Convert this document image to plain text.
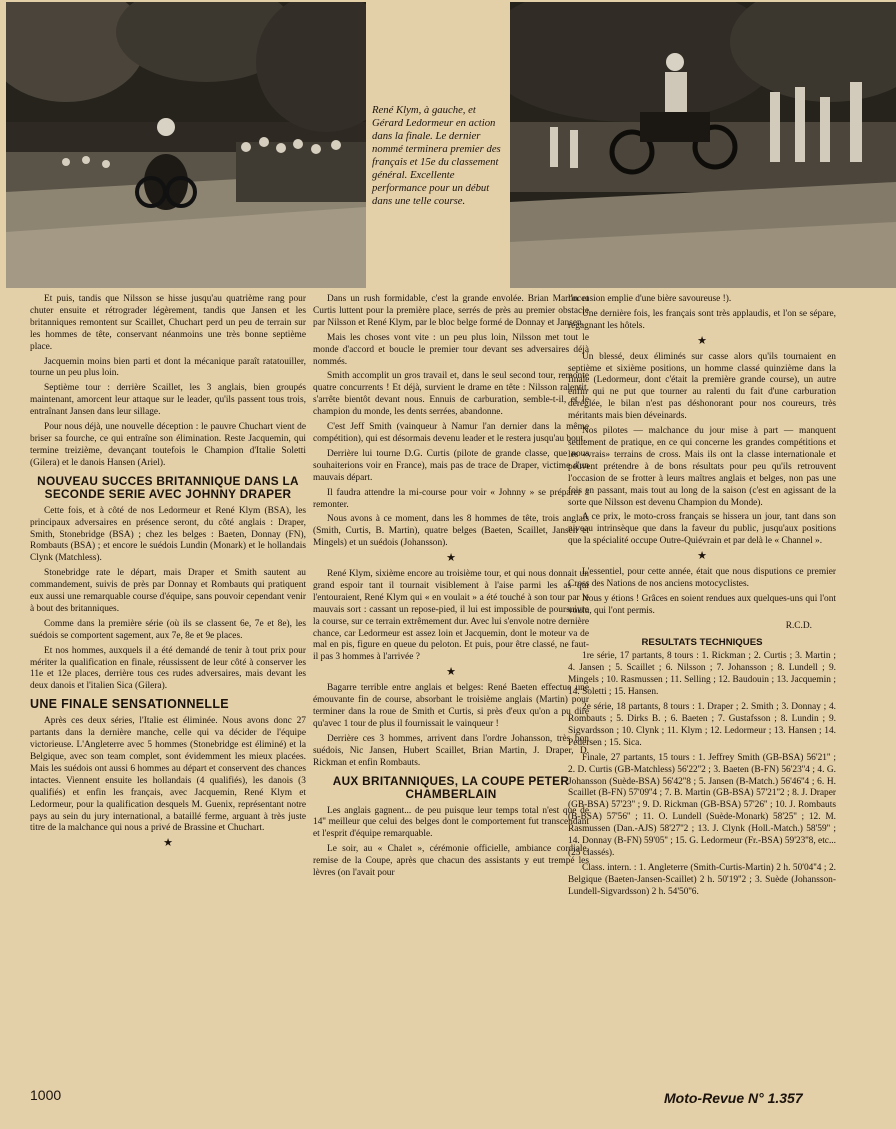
René Klym, à gauche, et Gérard Ledormeur en action dans la finale. Le dernier nommé terminera premier des français et 15e du classement général. Excellente performance pour un début dans une telle course.

Et puis, tandis que Nilsson se hisse jusqu'au quatrième rang pour chuter ensuite et rétrograder légèrement, tandis que Jansen et les britanniques remontent sur Scaillet, Chuchart perd un peu de terrain sur les hommes de tête, conservant néanmoins une très bonne septième place.

Jacquemin moins bien parti et dont la mécanique paraît ratatouiller, tourne un peu plus loin.

Septième tour : derrière Scaillet, les 3 anglais, bien groupés maintenant, amorcent leur attaque sur le leader, qu'ils passent tous trois, entraînant Jansen dans leur sillage.

Pour nous déjà, une nouvelle déception : le pauvre Chuchart vient de briser sa fourche, ce qui entraîne son élimination. Reste Jacquemin, qui termine treizième, devançant toutefois le Champion d'Italie Soletti (Gilera) et le danois Hansen (Ariel).

NOUVEAU SUCCES BRITANNIQUE DANS LA SECONDE SERIE AVEC JOHNNY DRAPER

Cette fois, et à côté de nos Ledormeur et René Klym (BSA), les principaux adversaires en présence seront, du côté anglais : Draper, Smith, Stonebridge (BSA) ; chez les belges : Baeten, Donnay (FN), Rombauts (BSA) ; et encore le suédois Lundin (Monark) et le hollandais Clynk (Matchless).

Stonebridge rate le départ, mais Draper et Smith sautent au commandement, suivis de près par Donnay et Rombauts qui pratiquent eux aussi une remarquable course d'équipe, sans pouvoir cependant venir à bout des britanniques.

Comme dans la première série (où ils se classent 6e, 7e et 8e), les suédois se comportent sagement, aux 7e, 8e et 9e places.

Et nos hommes, auxquels il a été demandé de tenir à tout prix pour mériter la qualification en finale, réussissent de leur côté à conserver les 11e et 12e places, derrière tous ces rudes adversaires, mais devant les deux danois et l'italien Sica (Gilera).

UNE FINALE SENSATIONNELLE

Après ces deux séries, l'Italie est éliminée. Nous avons donc 27 partants dans la dernière manche, celle qui va décider de l'équipe victorieuse. L'Angleterre avec 5 hommes (Stonebridge est éliminé) et la Belgique, avec son team complet, sont évidemment les mieux placées. Mais les suédois ont aussi 6 hommes au départ et conservent des chances intactes. Viennent ensuite les hollandais (4 qualifiés), les danois (3 qualifiés) et enfin les français, avec Jacquemin, René Klym et Ledormeur, pour la qualification desquels M. Guenix, représentant notre pays au sein du jury international, a bataillé ferme, arguant à très juste titre de la malchance qui nous a privé de Brassine et Chuchart.

★

Dans un rush formidable, c'est la grande envolée. Brian Martin et Curtis luttent pour la première place, serrés de près au premier obstacle par Nilsson et René Klym, par le bloc belge formé de Donnay et Jansen.

Mais les choses vont vite : un peu plus loin, Nilsson met tout le monde d'accord et boucle le premier tour devant ses adversaires déjà nommés.

Smith accomplit un gros travail et, dans le seul second tour, remonte quatre concurrents ! Et déjà, survient le drame en tête : Nilsson ralentit, s'arrête bientôt devant nous. Ennuis de carburation, semble-t-il, et le champion du monde, les dents serrées, abandonne.

C'est Jeff Smith (vainqueur à Namur l'an dernier dans la même compétition), qui est désormais devenu leader et le restera jusqu'au bout.

Derrière lui tourne D.G. Curtis (pilote de grande classe, que nous souhaiterions voir en France), mais pas de trace de Draper, victime d'un mauvais départ.

Il faudra attendre la mi-course pour voir « Johnny » se préparer à remonter.

Nous avons à ce moment, dans les 8 hommes de tête, trois anglais (Smith, Curtis, B. Martin), quatre belges (Baeten, Scaillet, Jansen et Mingels) et un suédois (Johansson).

★

René Klym, sixième encore au troisième tour, et qui nous donnait un grand espoir tant il tournait visiblement à l'aise parmi les as qui l'entouraient, René Klym qui « en voulait » a été touché à son tour par le mauvais sort : cassant un repose-pied, il lui est impossible de poursuivre la course, sur ce terrain extrêmement dur. Avec lui s'envole notre dernière chance, car Ledormeur est assez loin et Jacquemin, dont le moteur va de mal en pis, figure en queue du peloton. Et puis, pour être classé, ne faut-il pas 3 hommes à l'arrivée ?

★

Bagarre terrible entre anglais et belges: René Baeten effectue une émouvante fin de course, absorbant le troisième anglais (Martin) pour terminer dans la roue de Smith et Curtis, si près d'eux qu'on a pu dire qu'avec 1 tour de plus il fournissait le vainqueur !

Derrière ces 3 hommes, arrivent dans l'ordre Johansson, très bon suédois, Nic Jansen, Hubert Scaillet, Brian Martin, J. Draper, D. Rickman et enfin Rombauts.

AUX BRITANNIQUES, LA COUPE PETER CHAMBERLAIN

Les anglais gagnent... de peu puisque leur temps total n'est que de 14'' meilleur que celui des belges dont le comportement fut transcendant et l'esprit d'équipe remarquable.

Le soir, au « Chalet », cérémonie officielle, ambiance cordiale, remise de la Coupe, après que chacun des assistants y eut trempé les lèvres (on l'avait pour

l'occasion emplie d'une bière savoureuse !).

Une dernière fois, les français sont très applaudis, et l'on se sépare, regagnant les hôtels.

★

Un blessé, deux éliminés sur casse alors qu'ils tournaient en septième et sixième positions, un homme classé quinzième dans la finale (Ledormeur, dont c'était la première grande course), un autre enfin qui ne put que tourner au ralenti du fait d'une carburation déréglée, le bilan n'est pas déshonorant pour nos coureurs, très méritants mais bien déveinards.

Nos pilotes — malchance du jour mise à part — manquent seulement de pratique, en ce qui concerne les grandes compétitions et les «vrais» terrains de cross. Mais ils ont la classe internationale et peuvent prétendre à de bons résultats pour peu qu'ils retrouvent l'occasion de se frotter à leurs maîtres anglais et belges, non pas une fois en passant, mais tout au long de la saison (c'est en agissant de la sorte que Nilsson est devenu Champion du Monde).

A ce prix, le moto-cross français se hissera un jour, tant dans son niveau intrinsèque que dans la faveur du public, jusqu'aux positions que la spécialité occupe Outre-Quiévrain et par delà le « Channel ».

★

L'essentiel, pour cette année, était que nous disputions ce premier Cross des Nations de nos anciens motocyclistes.

Nous y étions ! Grâces en soient rendues aux quelques-uns qui l'ont voulu, qui l'ont permis.

R.C.D.
RESULTATS TECHNIQUES

1re série, 17 partants, 8 tours : 1. Rickman ; 2. Curtis ; 3. Martin ; 4. Jansen ; 5. Scaillet ; 6. Nilsson ; 7. Johansson ; 8. Lundell ; 9. Mingels ; 10. Rasmussen ; 11. Selling ; 12. Baudouin ; 13. Jacquemin ; 14. Soletti ; 15. Hansen.

2e série, 18 partants, 8 tours : 1. Draper ; 2. Smith ; 3. Donnay ; 4. Rombauts ; 5. Dirks B. ; 6. Baeten ; 7. Gustafsson ; 8. Lundin ; 9. Sigvardsson ; 10. Clynk ; 11. Klym ; 12. Ledormeur ; 13. Hansen ; 14. Pedersen ; 15. Sica.

Finale, 27 partants, 15 tours : 1. Jeffrey Smith (GB-BSA) 56'21'' ; 2. D. Curtis (GB-Matchless) 56'22''2 ; 3. Baeten (B-FN) 56'23''4 ; 4. G. Johansson (Suède-BSA) 56'42''8 ; 5. Jansen (B-Match.) 56'46''4 ; 6. H. Scaillet (B-FN) 57'09''4 ; 7. B. Martin (GB-BSA) 57'21''2 ; 8. J. Draper (GB-BSA) 57'23'' ; 9. D. Rickman (GB-BSA) 57'26'' ; 10. J. Rombauts (B-BSA) 57'56'' ; 11. O. Lundell (Suède-Monark) 58'25'' ; 12. M. Rasmussen (Dan.-AJS) 58'27''2 ; 13. J. Clynk (Holl.-Match.) 58'59'' ; 14. Donnay (B-FN) 59'05'' ; 15. G. Ledormeur (Fr.-BSA) 59'23''8, etc... (25 classés).

Class. intern. : 1. Angleterre (Smith-Curtis-Martin) 2 h. 50'04''4 ; 2. Belgique (Baeten-Jansen-Scaillet) 2 h. 50'19''2 ; 3. Suède (Johansson-Lundell-Sigvardsson) 2 h. 54'50''6.

1000	Moto-Revue N° 1.357
